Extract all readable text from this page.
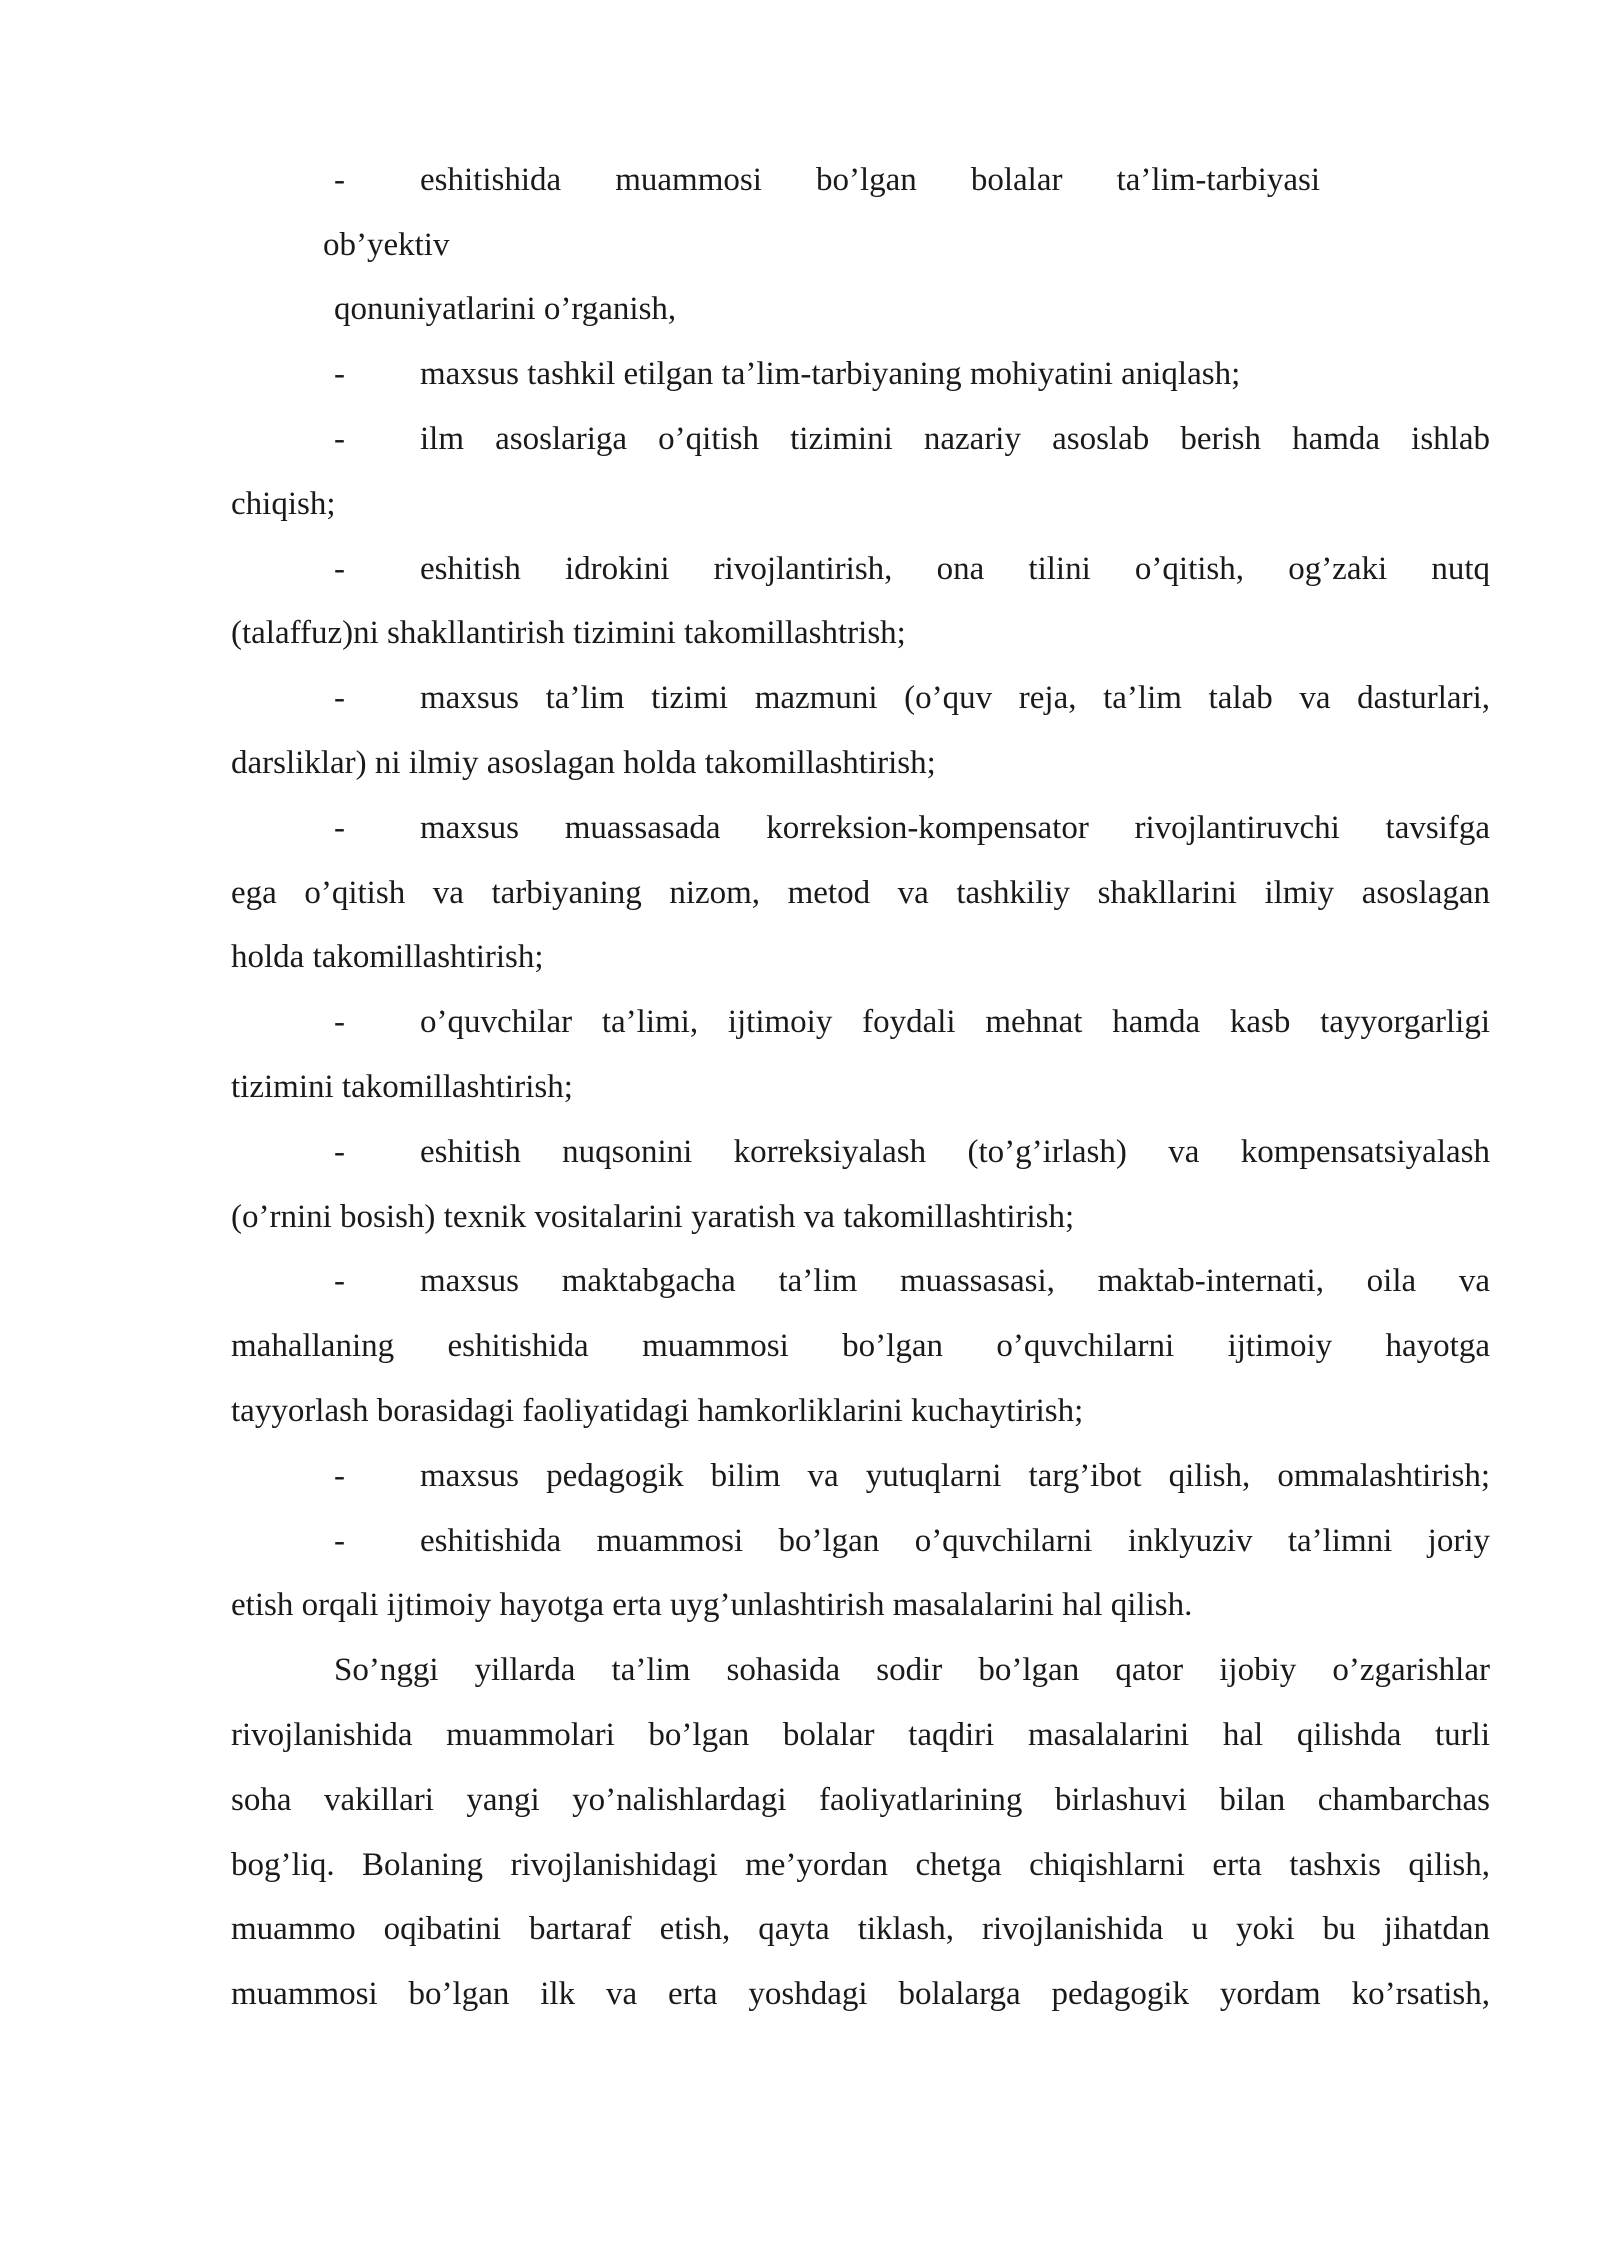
- eshitishida muammosi bo’lgan bolalar ta’lim-tarbiyasi
ob’yektiv
qonuniyatlarini o’rganish,
- maxsus tashkil etilgan ta’lim-tarbiyaning mohiyatini aniqlash;
- ilm asoslariga o’qitish tizimini nazariy asoslab berish hamda ishlab
chiqish;
- eshitish idrokini rivojlantirish, ona tilini o’qitish, og’zaki nutq
(talaffuz)ni shakllantirish tizimini takomillashtrish;
- maxsus ta’lim tizimi mazmuni (o’quv reja, ta’lim talab va dasturlari,
darsliklar) ni ilmiy asoslagan holda takomillashtirish;
- maxsus muassasada korreksion-kompensator rivojlantiruvchi tavsifga
ega o’qitish va tarbiyaning nizom, metod va tashkiliy shakllarini ilmiy asoslagan
holda takomillashtirish;
- o’quvchilar ta’limi, ijtimoiy foydali mehnat hamda kasb tayyorgarligi
tizimini takomillashtirish;
- eshitish nuqsonini korreksiyalash (to’g’irlash) va kompensatsiyalash
(o’rnini bosish) texnik vositalarini yaratish va takomillashtirish;
- maxsus maktabgacha ta’lim muassasasi, maktab-internati, oila va
mahallaning eshitishida muammosi bo’lgan o’quvchilarni ijtimoiy hayotga
tayyorlash borasidagi faoliyatidagi hamkorliklarini kuchaytirish;
- maxsus pedagogik bilim va yutuqlarni targ’ibot qilish, ommalashtirish;
- eshitishida muammosi bo’lgan o’quvchilarni inklyuziv ta’limni joriy
etish orqali ijtimoiy hayotga erta uyg’unlashtirish masalalarini hal qilish.
So’nggi yillarda ta’lim sohasida sodir bo’lgan qator ijobiy o’zgarishlar
rivojlanishida muammolari bo’lgan bolalar taqdiri masalalarini hal qilishda turli
soha vakillari yangi yo’nalishlardagi faoliyatlarining birlashuvi bilan chambarchas
bog’liq. Bolaning rivojlanishidagi me’yordan chetga chiqishlarni erta tashxis qilish,
muammo oqibatini bartaraf etish, qayta tiklash, rivojlanishida u yoki bu jihatdan
muammosi bo’lgan ilk va erta yoshdagi bolalarga pedagogik yordam ko’rsatish,
